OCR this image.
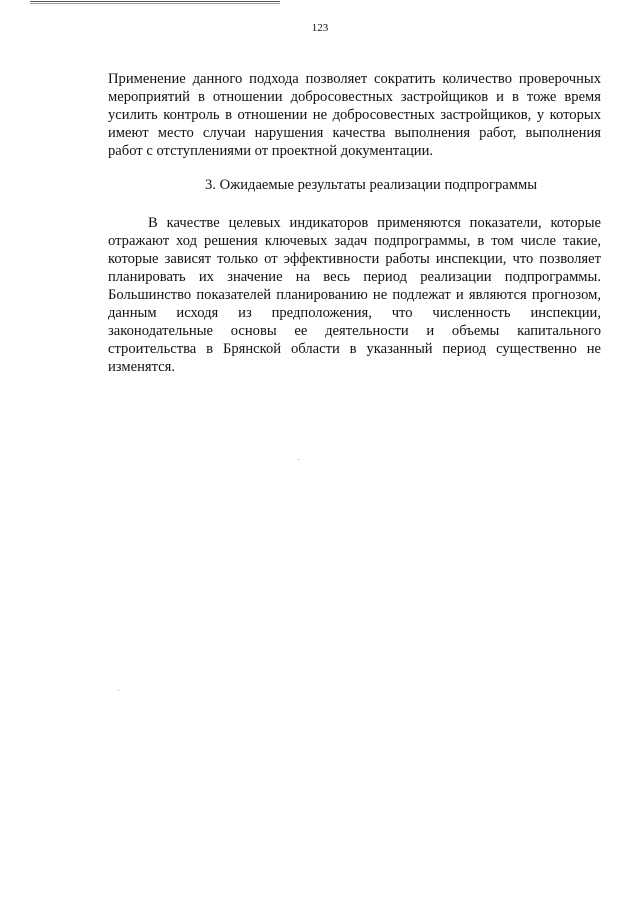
123

Применение данного подхода позволяет сократить количество проверочных мероприятий в отношении добросовестных застройщиков и в тоже время усилить контроль в отношении не добросовестных застройщиков, у которых имеют место случаи нарушения качества выполнения работ, выполнения работ с отступлениями от проектной документации.

3. Ожидаемые результаты реализации подпрограммы

В качестве целевых индикаторов применяются показатели, которые отражают ход решения ключевых задач подпрограммы, в том числе такие, которые зависят только от эффективности работы инспекции, что позволяет планировать их значение на весь период реализации подпрограммы. Большинство показателей планированию не подлежат и являются прогнозом, данным исходя из предположения, что численность инспекции, законодательные основы ее деятельности и объемы капитального строительства в Брянской области в указанный период существенно не изменятся.
